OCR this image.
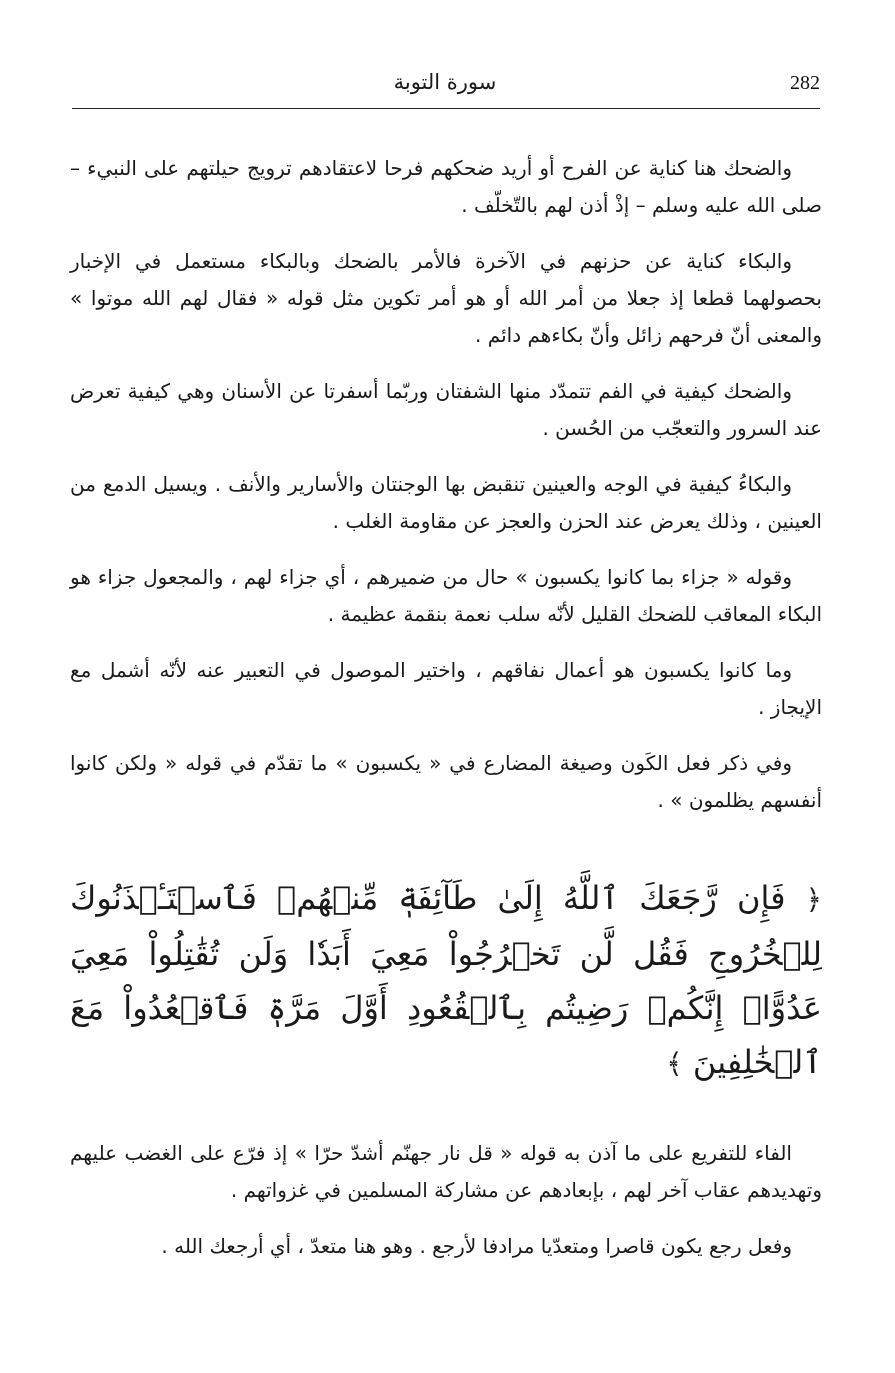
282
سورة التوبة

والضحك هنا كناية عن الفرح أو أريد ضحكهم فرحا لاعتقادهم ترويج حيلتهم على النبيء – صلى الله عليه وسلم – إذْ أذن لهم بالتّخلّف .

والبكاء كناية عن حزنهم في الآخرة فالأمر بالضحك وبالبكاء مستعمل في الإخبار بحصولهما قطعا إذ جعلا من أمر الله أو هو أمر تكوين مثل قوله « فقال لهم الله موتوا » والمعنى أنّ فرحهم زائل وأنّ بكاءهم دائم .

والضحك كيفية في الفم تتمدّد منها الشفتان وربّما أسفرتا عن الأسنان وهي كيفية تعرض عند السرور والتعجّب من الحُسن .

والبكاءُ كيفية في الوجه والعينين تنقبض بها الوجنتان والأسارير والأنف . ويسيل الدمع من العينين ، وذلك يعرض عند الحزن والعجز عن مقاومة الغلب .

وقوله « جزاء بما كانوا يكسبون » حال من ضميرهم ، أي جزاء لهم ، والمجعول جزاء هو البكاء المعاقب للضحك القليل لأنّه سلب نعمة بنقمة عظيمة .

وما كانوا يكسبون هو أعمال نفاقهم ، واختير الموصول في التعبير عنه لأنّه أشمل مع الإيجاز .

وفي ذكر فعل الكَون وصيغة المضارع في « يكسبون » ما تقدّم في قوله « ولكن كانوا أنفسهم يظلمون » .

﴿ فَإِن رَّجَعَكَ ٱللَّهُ إِلَىٰ طَآئِفَةٖ مِّنۡهُمۡ فَٱسۡتَـٔۡذَنُوكَ لِلۡخُرُوجِ فَقُل لَّن تَخۡرُجُواْ مَعِيَ أَبَدٗا وَلَن تُقَٰتِلُواْ مَعِيَ عَدُوًّاۖ إِنَّكُمۡ رَضِيتُم بِٱلۡقُعُودِ أَوَّلَ مَرَّةٖ فَٱقۡعُدُواْ مَعَ ٱلۡخَٰلِفِينَ ﴾

الفاء للتفريع على ما آذن به قوله « قل نار جهنّم أشدّ حرّا » إذ فرّع على الغضب عليهم وتهديدهم عقاب آخر لهم ، بإبعادهم عن مشاركة المسلمين في غزواتهم .

وفعل رجع يكون قاصرا ومتعدّيا مرادفا لأرجع . وهو هنا متعدّ ، أي أرجعك الله .
